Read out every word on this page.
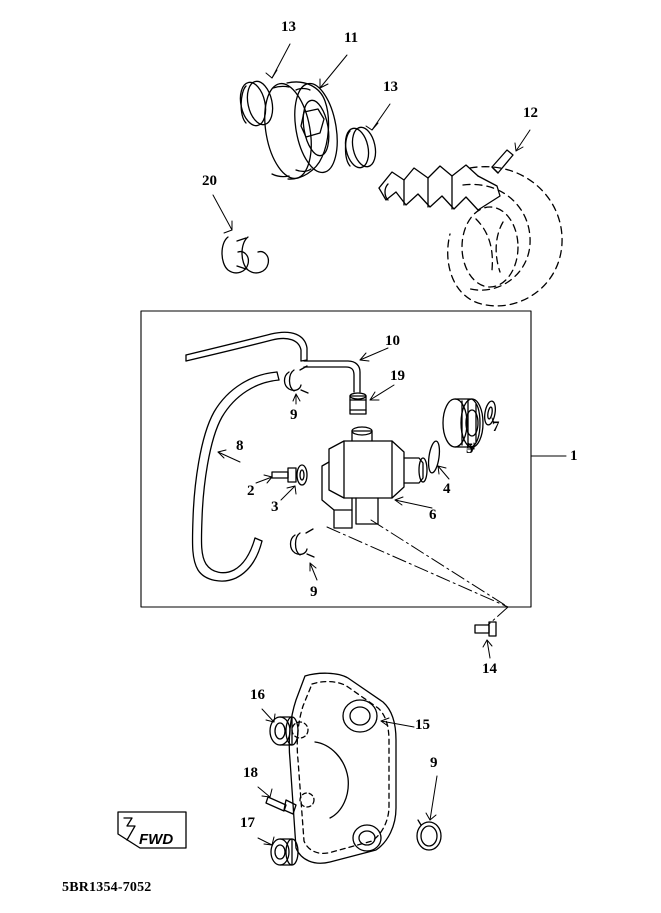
13
11
13
12
20
10
19
9
7
1
8	5
4
2
3	6
9
14
16
15
18
9
17
FWD
5BR1354-7052
